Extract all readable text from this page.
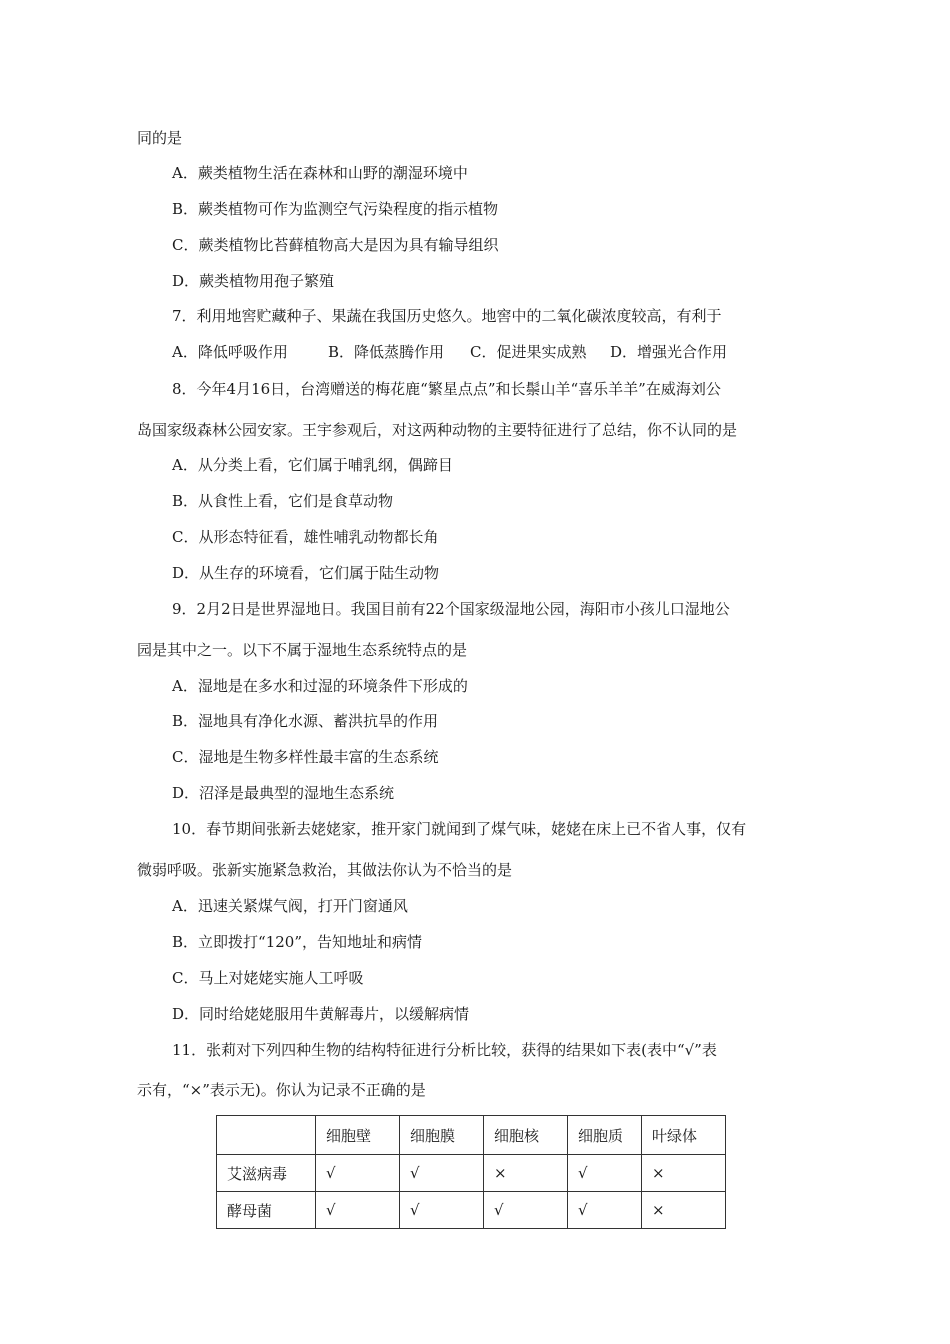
同的是
A．蕨类植物生活在森林和山野的潮湿环境中
B．蕨类植物可作为监测空气污染程度的指示植物
C．蕨类植物比苔藓植物高大是因为具有输导组织
D．蕨类植物用孢子繁殖
7．利用地窖贮藏种子、果蔬在我国历史悠久。地窖中的二氧化碳浓度较高，有利于
A．降低呼吸作用	B．降低蒸腾作用 C．促进果实成熟 D．增强光合作用
8．今年4月16日，台湾赠送的梅花鹿“繁星点点”和长鬃山羊“喜乐羊羊”在威海刘公
岛国家级森林公园安家。王宇参观后，对这两种动物的主要特征进行了总结，你不认同的是
A．从分类上看，它们属于哺乳纲，偶蹄目
B．从食性上看，它们是食草动物
C．从形态特征看，雄性哺乳动物都长角
D．从生存的环境看，它们属于陆生动物
9．2月2日是世界湿地日。我国目前有22个国家级湿地公园，海阳市小孩儿口湿地公
园是其中之一。以下不属于湿地生态系统特点的是
A．湿地是在多水和过湿的环境条件下形成的
B．湿地具有净化水源、蓄洪抗旱的作用
C．湿地是生物多样性最丰富的生态系统
D．沼泽是最典型的湿地生态系统
10．春节期间张新去姥姥家，推开家门就闻到了煤气味，姥姥在床上已不省人事，仅有
微弱呼吸。张新实施紧急救治，其做法你认为不恰当的是
A．迅速关紧煤气阀，打开门窗通风
B．立即拨打“120”，告知地址和病情
C．马上对姥姥实施人工呼吸
D．同时给姥姥服用牛黄解毒片，以缓解病情
11．张莉对下列四种生物的结构特征进行分析比较，获得的结果如下表(表中“√”表
示有，“×”表示无)。你认为记录不正确的是
	细胞壁	细胞膜	细胞核	细胞质	叶绿体
艾滋病毒	√	√	×	√	×
酵母菌	√	√	√	√	×
